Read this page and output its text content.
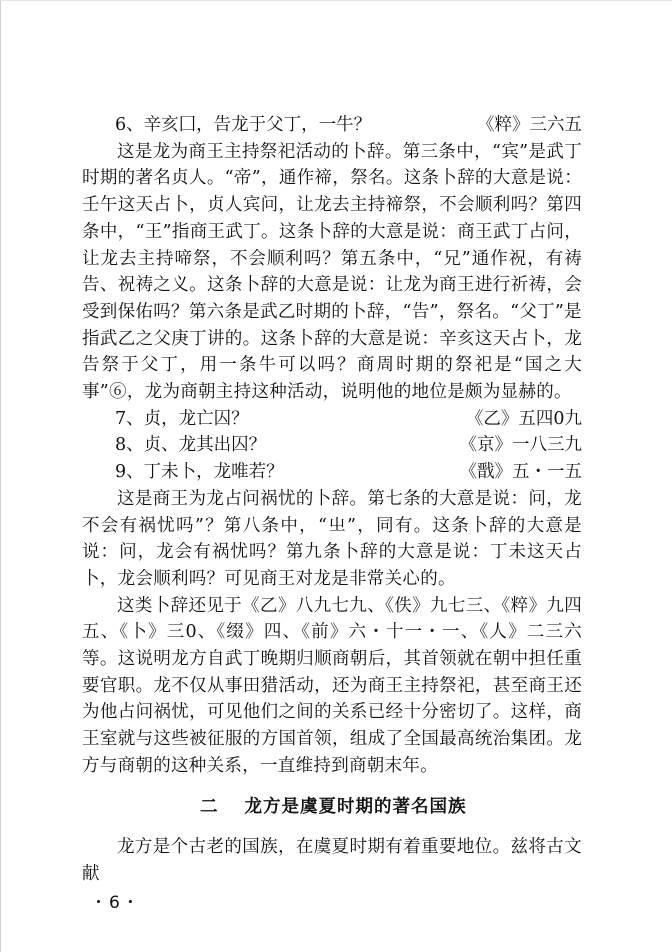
6、辛亥囗，告龙于父丁，一牛？	《粹》三六五

这是龙为商王主持祭祀活动的卜辞。第三条中，“宾”是武丁时期的著名贞人。“帝”，通作禘，祭名。这条卜辞的大意是说：壬午这天占卜，贞人宾问，让龙去主持禘祭，不会顺利吗？第四条中，“王”指商王武丁。这条卜辞的大意是说：商王武丁占问，让龙去主持啼祭，不会顺利吗？第五条中，“兄”通作祝，有祷告、祝祷之义。这条卜辞的大意是说：让龙为商王进行祈祷，会受到保佑吗？第六条是武乙时期的卜辞，“告”，祭名。“父丁”是指武乙之父庚丁讲的。这条卜辞的大意是说：辛亥这天占卜，龙告祭于父丁，用一条牛可以吗？商周时期的祭祀是“国之大事”⑥，龙为商朝主持这种活动，说明他的地位是颇为显赫的。

7、贞，龙亡囚？	《乙》五四0九
8、贞、龙其出囚？	《京》一八三九
9、丁未卜，龙唯若？	《戬》五・一五

这是商王为龙占问祸忧的卜辞。第七条的大意是说：问，龙不会有祸忧吗”？第八条中，“㞢”，同有。这条卜辞的大意是说：问，龙会有祸忧吗？第九条卜辞的大意是说：丁未这天占卜，龙会顺利吗？可见商王对龙是非常关心的。

这类卜辞还见于《乙》八九七九、《佚》九七三、《粹》九四五、《卜》三0、《缀》四、《前》六・十一・一、《人》二三六等。这说明龙方自武丁晚期归顺商朝后，其首领就在朝中担任重要官职。龙不仅从事田猎活动，还为商王主持祭祀，甚至商王还为他占问祸忧，可见他们之间的关系已经十分密切了。这样，商王室就与这些被征服的方国首领，组成了全国最高统治集团。龙方与商朝的这种关系，一直维持到商朝末年。

二 龙方是虞夏时期的著名国族

龙方是个古老的国族，在虞夏时期有着重要地位。兹将古文献

・6・
